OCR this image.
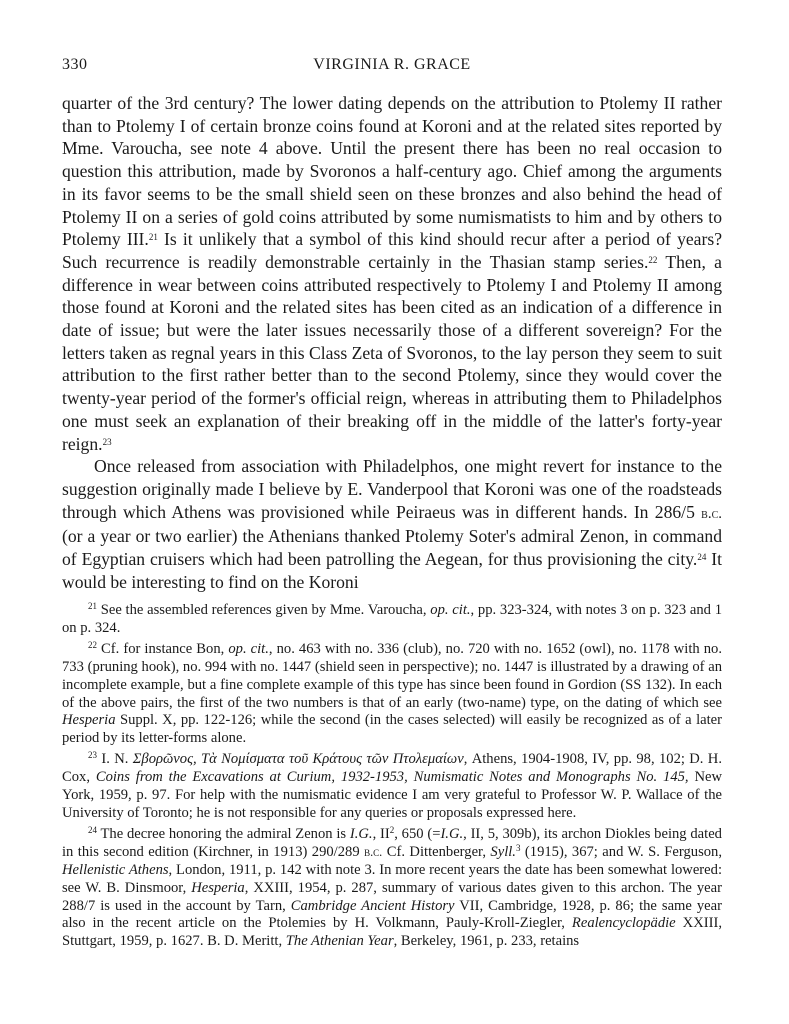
330	VIRGINIA R. GRACE

quarter of the 3rd century? The lower dating depends on the attribution to Ptolemy II rather than to Ptolemy I of certain bronze coins found at Koroni and at the related sites reported by Mme. Varoucha, see note 4 above. Until the present there has been no real occasion to question this attribution, made by Svoronos a half-century ago. Chief among the arguments in its favor seems to be the small shield seen on these bronzes and also behind the head of Ptolemy II on a series of gold coins attributed by some numismatists to him and by others to Ptolemy III.$^{21}$ Is it unlikely that a symbol of this kind should recur after a period of years? Such recurrence is readily demonstrable certainly in the Thasian stamp series.$^{22}$ Then, a difference in wear between coins attributed respectively to Ptolemy I and Ptolemy II among those found at Koroni and the related sites has been cited as an indication of a difference in date of issue; but were the later issues necessarily those of a different sovereign? For the letters taken as regnal years in this Class Zeta of Svoronos, to the lay person they seem to suit attribution to the first rather better than to the second Ptolemy, since they would cover the twenty-year period of the former's official reign, whereas in attributing them to Philadelphos one must seek an explanation of their breaking off in the middle of the latter's forty-year reign.$^{23}$

Once released from association with Philadelphos, one might revert for instance to the suggestion originally made I believe by E. Vanderpool that Koroni was one of the roadsteads through which Athens was provisioned while Peiraeus was in different hands. In 286/5 b.c. (or a year or two earlier) the Athenians thanked Ptolemy Soter's admiral Zenon, in command of Egyptian cruisers which had been patrolling the Aegean, for thus provisioning the city.$^{24}$ It would be interesting to find on the Koroni

$^{21}$ See the assembled references given by Mme. Varoucha, op. cit., pp. 323-324, with notes 3 on p. 323 and 1 on p. 324.

$^{22}$ Cf. for instance Bon, op. cit., no. 463 with no. 336 (club), no. 720 with no. 1652 (owl), no. 1178 with no. 733 (pruning hook), no. 994 with no. 1447 (shield seen in perspective); no. 1447 is illustrated by a drawing of an incomplete example, but a fine complete example of this type has since been found in Gordion (SS 132). In each of the above pairs, the first of the two numbers is that of an early (two-name) type, on the dating of which see Hesperia Suppl. X, pp. 122-126; while the second (in the cases selected) will easily be recognized as of a later period by its letter-forms alone.

$^{23}$ I. N. Σβορῶνος, Τὰ Νομίσματα τοῦ Κράτους τῶν Πτολεμαίων, Athens, 1904-1908, IV, pp. 98, 102; D. H. Cox, Coins from the Excavations at Curium, 1932-1953, Numismatic Notes and Monographs No. 145, New York, 1959, p. 97. For help with the numismatic evidence I am very grateful to Professor W. P. Wallace of the University of Toronto; he is not responsible for any queries or proposals expressed here.

$^{24}$ The decree honoring the admiral Zenon is I.G., $II^2$, 650 (=I.G., II, 5, 309b), its archon Diokles being dated in this second edition (Kirchner, in 1913) 290/289 b.c. Cf. Dittenberger, Syll.$^3$ (1915), 367; and W. S. Ferguson, Hellenistic Athens, London, 1911, p. 142 with note 3. In more recent years the date has been somewhat lowered: see W. B. Dinsmoor, Hesperia, XXIII, 1954, p. 287, summary of various dates given to this archon. The year 288/7 is used in the account by Tarn, Cambridge Ancient History VII, Cambridge, 1928, p. 86; the same year also in the recent article on the Ptolemies by H. Volkmann, Pauly-Kroll-Ziegler, Realencyclopädie XXIII, Stuttgart, 1959, p. 1627. B. D. Meritt, The Athenian Year, Berkeley, 1961, p. 233, retains
